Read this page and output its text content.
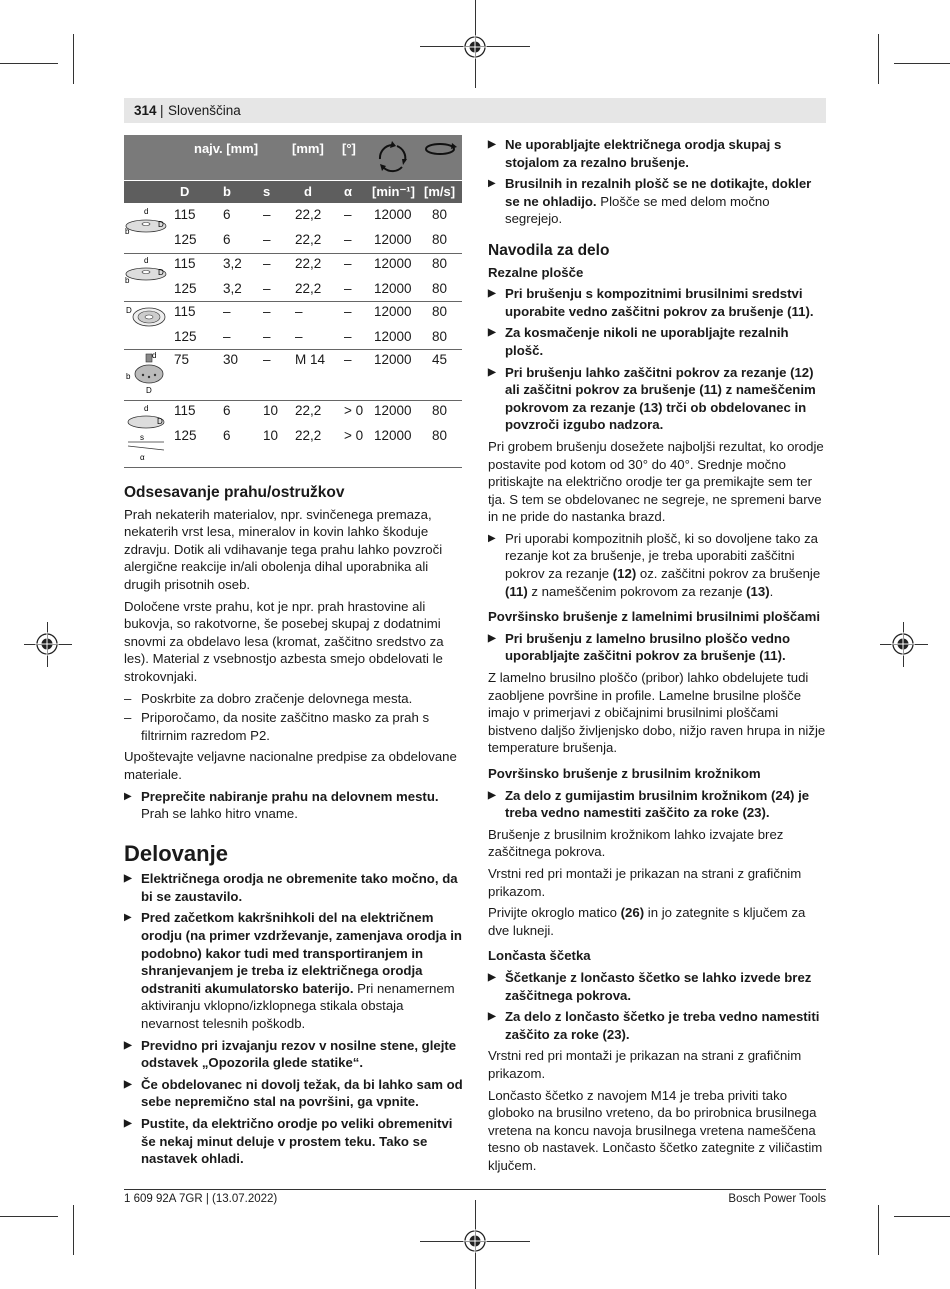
314 | Slovenščina
najv. [mm]	[mm] [°]
D	b s	d α [min⁻¹] [m/s]
115 6 – 22,2 – 12000 80
125 6 – 22,2 – 12000 80
115 3,2 – 22,2 – 12000 80
125 3,2 – 22,2 – 12000 80
115 – – –	– 12000 80
125 – – –	– 12000 80
75	30 – M 14 – 12000 45
115 6 10 22,2 > 0 12000 80
125 6 10 22,2 > 0 12000 80
d
D
b
d
D
b
D
d
b
D
d
D
s
α
Odsesavanje prahu/ostružkov

Prah nekaterih materialov, npr. svinčenega premaza, nekaterih vrst lesa, mineralov in kovin lahko škoduje zdravju. Dotik ali vdihavanje tega prahu lahko povzroči alergične reakcije in/ali obolenja dihal uporabnika ali drugih prisotnih oseb.

Določene vrste prahu, kot je npr. prah hrastovine ali bukovja, so rakotvorne, še posebej skupaj z dodatnimi snovmi za obdelavo lesa (kromat, zaščitno sredstvo za les). Material z vsebnostjo azbesta smejo obdelovati le strokovnjaki.

– Poskrbite za dobro zračenje delovnega mesta.
– Priporočamo, da nosite zaščitno masko za prah s filtrirnim razredom P2.

Upoštevajte veljavne nacionalne predpise za obdelovane materiale.

▶ Preprečite nabiranje prahu na delovnem mestu. Prah se lahko hitro vname.
Delovanje
▶ Električnega orodja ne obremenite tako močno, da bi se zaustavilo.
▶ Pred začetkom kakršnihkoli del na električnem orodju (na primer vzdrževanje, zamenjava orodja in podobno) kakor tudi med transportiranjem in shranjevanjem je treba iz električnega orodja odstraniti akumulatorsko baterijo. Pri nenamernem aktiviranju vklopno/izklopnega stikala obstaja nevarnost telesnih poškodb.
▶ Previdno pri izvajanju rezov v nosilne stene, glejte odstavek „Opozorila glede statike“.
▶ Če obdelovanec ni dovolj težak, da bi lahko sam od sebe nepremično stal na površini, ga vpnite.
▶ Pustite, da električno orodje po veliki obremenitvi še nekaj minut deluje v prostem teku. Tako se nastavek ohladi.
▶ Ne uporabljajte električnega orodja skupaj s stojalom za rezalno brušenje.
▶ Brusilnih in rezalnih plošč se ne dotikajte, dokler se ne ohladijo. Plošče se med delom močno segrejejo.
Navodila za delo
Rezalne plošče
▶ Pri brušenju s kompozitnimi brusilnimi sredstvi uporabite vedno zaščitni pokrov za brušenje (11).
▶ Za kosmačenje nikoli ne uporabljajte rezalnih plošč.
▶ Pri brušenju lahko zaščitni pokrov za rezanje (12) ali zaščitni pokrov za brušenje (11) z nameščenim pokrovom za rezanje (13) trči ob obdelovanec in povzroči izgubo nadzora.

Pri grobem brušenju dosežete najboljši rezultat, ko orodje postavite pod kotom od 30° do 40°. Srednje močno pritiskajte na električno orodje ter ga premikajte sem ter tja. S tem se obdelovanec ne segreje, ne spremeni barve in ne pride do nastanka brazd.

▶ Pri uporabi kompozitnih plošč, ki so dovoljene tako za rezanje kot za brušenje, je treba uporabiti zaščitni pokrov za rezanje (12) oz. zaščitni pokrov za brušenje (11) z nameščenim pokrovom za rezanje (13).
Površinsko brušenje z lamelnimi brusilnimi ploščami
▶ Pri brušenju z lamelno brusilno ploščo vedno uporabljajte zaščitni pokrov za brušenje (11).

Z lamelno brusilno ploščo (pribor) lahko obdelujete tudi zaobljene površine in profile. Lamelne brusilne plošče imajo v primerjavi z običajnimi brusilnimi ploščami bistveno daljšo življenjsko dobo, nižjo raven hrupa in nižje temperature brušenja.

Površinsko brušenje z brusilnim krožnikom
▶ Za delo z gumijastim brusilnim krožnikom (24) je treba vedno namestiti zaščito za roke (23).

Brušenje z brusilnim krožnikom lahko izvajate brez zaščitnega pokrova.

Vrstni red pri montaži je prikazan na strani z grafičnim prikazom.

Privijte okroglo matico (26) in jo zategnite s ključem za dve lukneji.

Lončasta ščetka
▶ Ščetkanje z lončasto ščetko se lahko izvede brez zaščitnega pokrova.
▶ Za delo z lončasto ščetko je treba vedno namestiti zaščito za roke (23).

Vrstni red pri montaži je prikazan na strani z grafičnim prikazom.

Lončasto ščetko z navojem M14 je treba priviti tako globoko na brusilno vreteno, da bo prirobnica brusilnega vretena na koncu navoja brusilnega vretena nameščena tesno ob nastavek. Lončasto ščetko zategnite z viličastim ključem.

1 609 92A 7GR | (13.07.2022)	Bosch Power Tools
